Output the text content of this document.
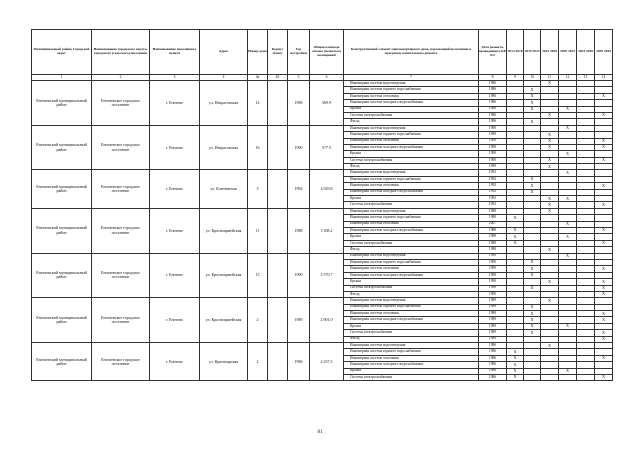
Муниципальный район, Городской округ	Наименование городского округа, городского (сельского) поселения	Наименование населенного пункта	Адрес	Номер дома	Корпус (блок)	Год постройки	Общая площадь жилых (нежилых) помещений	Конструктивный элемент многоквартирного дома, подлежащий включению в программу капитального ремонта	Дата ремонта, проведенного КР КЗ	2014 2018	2019 2023	2024 2028	2029 2033	2034 2038	2039 2043
1	2	3	4	4а	4б	5	6	7	8	9	10	11	12	13	14
Енотаевский муниципальный район	Енотаевское городское поселение	г. Енотово	ул. Некрасовская	14		1986	569.9	Инженерная система водоотведения	1986			X			
								Инженерная система горячего водоснабжения	1986		X				
								Инженерная система отопления	1986		X				X
								Инженерная система холодного водоснабжения	1986		X				
								Крыша	1986		X		X		
								Система электроснабжения	1986			X			X
								Фасад	1986		X				
Енотаевский муниципальный район	Енотаевское городское поселение	г. Енотово	ул. Некрасовская	16		1990	577.5	Инженерная система водоотведения	1990				X		
								Инженерная система горячего водоснабжения	1990			X			
								Инженерная система отопления	1990			X			X
								Инженерная система холодного водоснабжения	1990			X			X
								Крыша	1990				X		
								Система электроснабжения	1990			X			X
								Фасад	1990			X			
Енотаевский муниципальный район	Енотаевское городское поселение	г. Енотово	ул. Ключевская	3		1992	4 029,8	Инженерная система водоотведения	1992				X		
								Инженерная система горячего водоснабжения	1992		X				
								Инженерная система отопления	1992		X				X
								Инженерная система холодного водоснабжения	1992		X				
								Крыша	1992			X	X		
								Система электроснабжения	1992			X			X
Енотаевский муниципальный район	Енотаевское городское поселение	г. Енотово	ул. Красноармейская	11		1988	3 308,2	Инженерная система водоотведения	1988			X			
								Инженерная система горячего водоснабжения	1988	X					
								Инженерная система отопления	2007				X		
								Инженерная система холодного водоснабжения	1988	X					X
								Крыша	1988	X			X		
								Система электроснабжения	1988	X					X
								Фасад	1988			X			
Енотаевский муниципальный район	Енотаевское городское поселение	г. Енотово	ул. Красноармейская	13		1990	3 570,7	Инженерная система водоотведения	1990				X		
								Инженерная система горячего водоснабжения	1990		X				
								Инженерная система отопления	1990		X				X
								Инженерная система холодного водоснабжения	1990		X				
								Крыша	1990			X			X
								Система электроснабжения	1990		X				X
								Фасад	1990						X
Енотаевский муниципальный район	Енотаевское городское поселение	г. Енотово	ул. Красноармейская	2		1989	2 901,0	Инженерная система водоотведения	1989			X			
								Инженерная система горячего водоснабжения	1989		X				
								Инженерная система отопления	1989		X				X
								Инженерная система холодного водоснабжения	1989		X				X
								Крыша	1989		X		X		
								Система электроснабжения	1989		X				X
								Фасад	1989						X
Енотаевский муниципальный район	Енотаевское городское поселение	г. Енотово	ул. Красноярская	2		1986	4 237,3	Инженерная система водоотведения	1986			X			
								Инженерная система горячего водоснабжения	1986	X					
								Инженерная система отопления	1986	X					X
								Инженерная система холодного водоснабжения	1986	X					
								Крыша	1986	X			X		
								Система электроснабжения	1986	X					X
81
